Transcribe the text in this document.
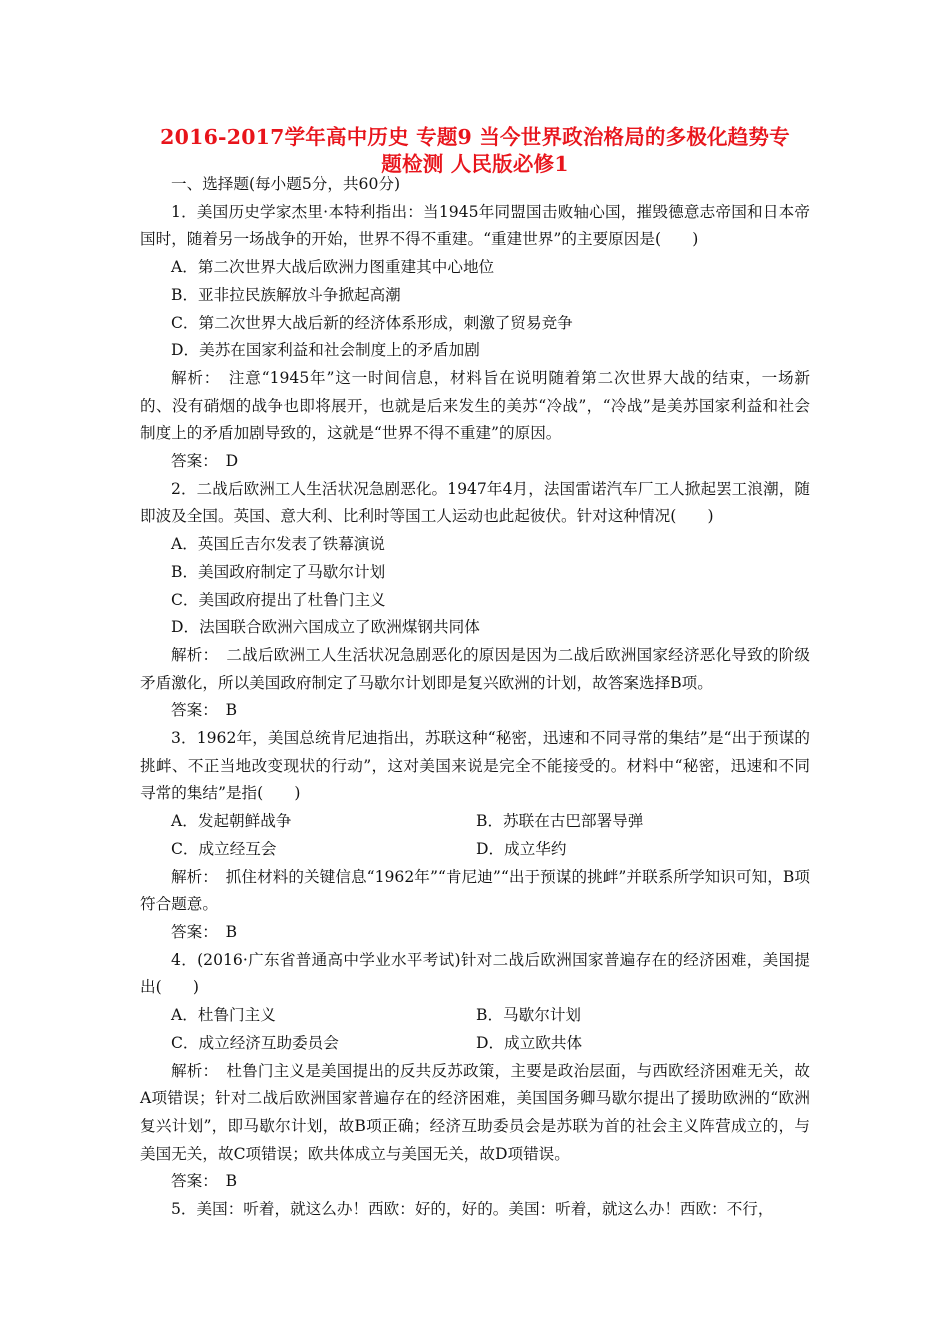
2016-2017学年高中历史 专题9 当今世界政治格局的多极化趋势专
题检测 人民版必修1

一、选择题(每小题5分，共60分)

1．美国历史学家杰里·本特利指出：当1945年同盟国击败轴心国，摧毁德意志帝国和日本帝国时，随着另一场战争的开始，世界不得不重建。“重建世界”的主要原因是(　　)

A．第二次世界大战后欧洲力图重建其中心地位

B．亚非拉民族解放斗争掀起高潮

C．第二次世界大战后新的经济体系形成，刺激了贸易竞争

D．美苏在国家利益和社会制度上的矛盾加剧

解析：　注意“1945年”这一时间信息，材料旨在说明随着第二次世界大战的结束，一场新的、没有硝烟的战争也即将展开，也就是后来发生的美苏“冷战”，“冷战”是美苏国家利益和社会制度上的矛盾加剧导致的，这就是“世界不得不重建”的原因。

答案：　D

2．二战后欧洲工人生活状况急剧恶化。1947年4月，法国雷诺汽车厂工人掀起罢工浪潮，随即波及全国。英国、意大利、比利时等国工人运动也此起彼伏。针对这种情况(　　)

A．英国丘吉尔发表了铁幕演说

B．美国政府制定了马歇尔计划

C．美国政府提出了杜鲁门主义

D．法国联合欧洲六国成立了欧洲煤钢共同体

解析：　二战后欧洲工人生活状况急剧恶化的原因是因为二战后欧洲国家经济恶化导致的阶级矛盾激化，所以美国政府制定了马歇尔计划即是复兴欧洲的计划，故答案选择B项。

答案：　B

3．1962年，美国总统肯尼迪指出，苏联这种“秘密，迅速和不同寻常的集结”是“出于预谋的挑衅、不正当地改变现状的行动”，这对美国来说是完全不能接受的。材料中“秘密，迅速和不同寻常的集结”是指(　　)

A．发起朝鲜战争	B．苏联在古巴部署导弹
C．成立经互会	D．成立华约

解析：　抓住材料的关键信息“1962年”“肯尼迪”“出于预谋的挑衅”并联系所学知识可知，B项符合题意。

答案：　B

4．(2016·广东省普通高中学业水平考试)针对二战后欧洲国家普遍存在的经济困难，美国提出(　　)

A．杜鲁门主义	B．马歇尔计划
C．成立经济互助委员会	D．成立欧共体

解析：　杜鲁门主义是美国提出的反共反苏政策，主要是政治层面，与西欧经济困难无关，故A项错误；针对二战后欧洲国家普遍存在的经济困难，美国国务卿马歇尔提出了援助欧洲的“欧洲复兴计划”，即马歇尔计划，故B项正确；经济互助委员会是苏联为首的社会主义阵营成立的，与美国无关，故C项错误；欧共体成立与美国无关，故D项错误。

答案：　B

5．美国：听着，就这么办！西欧：好的，好的。美国：听着，就这么办！西欧：不行，
